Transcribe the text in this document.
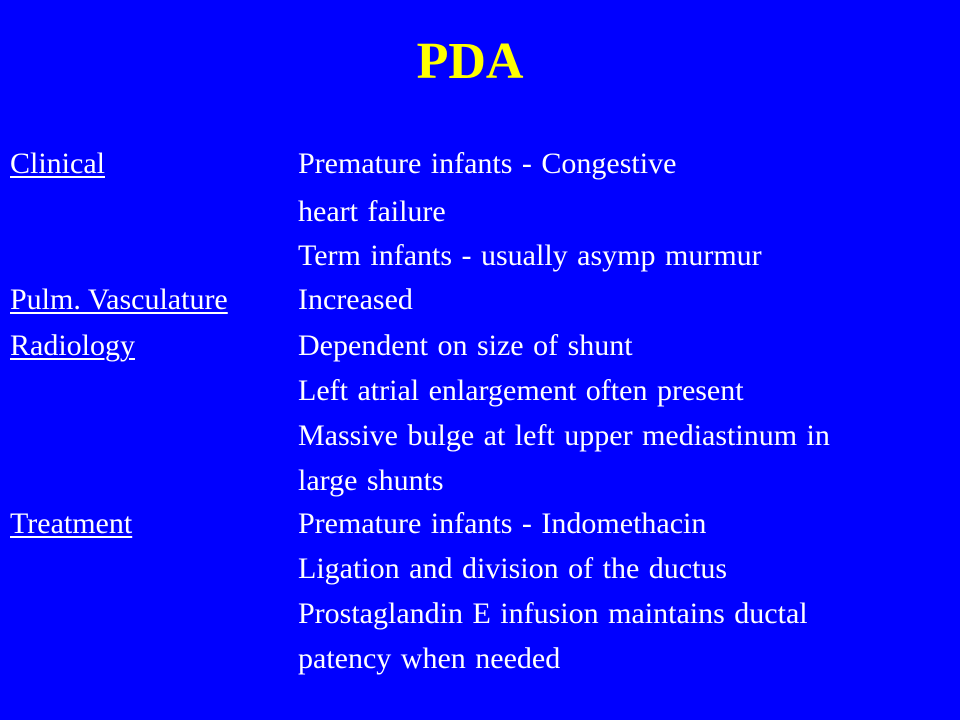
PDA
Clinical	Premature infants - Congestive
heart failure
Term infants - usually asymp murmur
Pulm. Vasculature Increased
Radiology	Dependent on size of shunt
Left atrial enlargement often present
Massive bulge at left upper mediastinum in
large shunts
Treatment	Premature infants - Indomethacin
Ligation and division of the ductus
Prostaglandin E infusion maintains ductal
patency when needed
